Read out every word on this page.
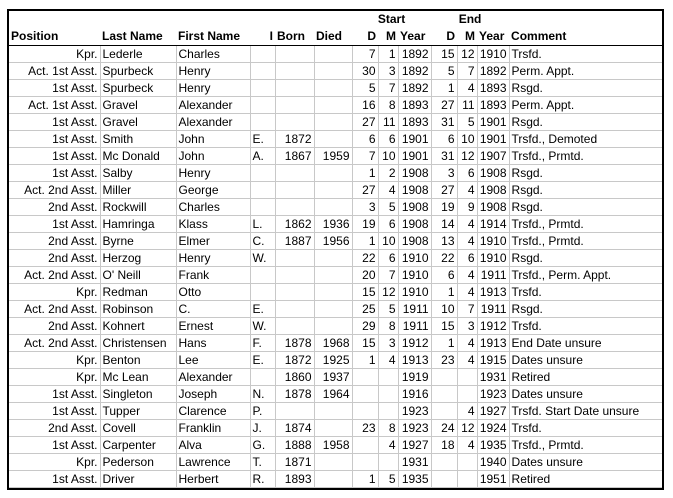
						Start			End			
Position	Last Name	First Name	I	Born	Died	D	M	Year	D	M	Year	Comment
Kpr.	Lederle	Charles				7	1	1892	15	12	1910	Trsfd.
Act. 1st Asst.	Spurbeck	Henry				30	3	1892	5	7	1892	Perm. Appt.
1st Asst.	Spurbeck	Henry				5	7	1892	1	4	1893	Rsgd.
Act. 1st Asst.	Gravel	Alexander				16	8	1893	27	11	1893	Perm. Appt.
1st Asst.	Gravel	Alexander				27	11	1893	31	5	1901	Rsgd.
1st Asst.	Smith	John	E.	1872		6	6	1901	6	10	1901	Trsfd., Demoted
1st Asst.	Mc Donald	John	A.	1867	1959	7	10	1901	31	12	1907	Trsfd., Prmtd.
1st Asst.	Salby	Henry				1	2	1908	3	6	1908	Rsgd.
Act. 2nd Asst.	Miller	George				27	4	1908	27	4	1908	Rsgd.
2nd Asst.	Rockwill	Charles				3	5	1908	19	9	1908	Rsgd.
1st Asst.	Hamringa	Klass	L.	1862	1936	19	6	1908	14	4	1914	Trsfd., Prmtd.
2nd Asst.	Byrne	Elmer	C.	1887	1956	1	10	1908	13	4	1910	Trsfd., Prmtd.
2nd Asst.	Herzog	Henry	W.			22	6	1910	22	6	1910	Rsgd.
Act. 2nd Asst.	O' Neill	Frank				20	7	1910	6	4	1911	Trsfd., Perm. Appt.
Kpr.	Redman	Otto				15	12	1910	1	4	1913	Trsfd.
Act. 2nd Asst.	Robinson	C.	E.			25	5	1911	10	7	1911	Rsgd.
2nd Asst.	Kohnert	Ernest	W.			29	8	1911	15	3	1912	Trsfd.
Act. 2nd Asst.	Christensen	Hans	F.	1878	1968	15	3	1912	1	4	1913	End Date unsure
Kpr.	Benton	Lee	E.	1872	1925	1	4	1913	23	4	1915	Dates unsure
Kpr.	Mc Lean	Alexander		1860	1937			1919			1931	Retired
1st Asst.	Singleton	Joseph	N.	1878	1964			1916			1923	Dates unsure
1st Asst.	Tupper	Clarence	P.					1923		4	1927	Trsfd. Start Date unsure
2nd Asst.	Covell	Franklin	J.	1874		23	8	1923	24	12	1924	Trsfd.
1st Asst.	Carpenter	Alva	G.	1888	1958		4	1927	18	4	1935	Trsfd., Prmtd.
Kpr.	Pederson	Lawrence	T.	1871				1931			1940	Dates unsure
1st Asst.	Driver	Herbert	R.	1893		1	5	1935			1951	Retired
